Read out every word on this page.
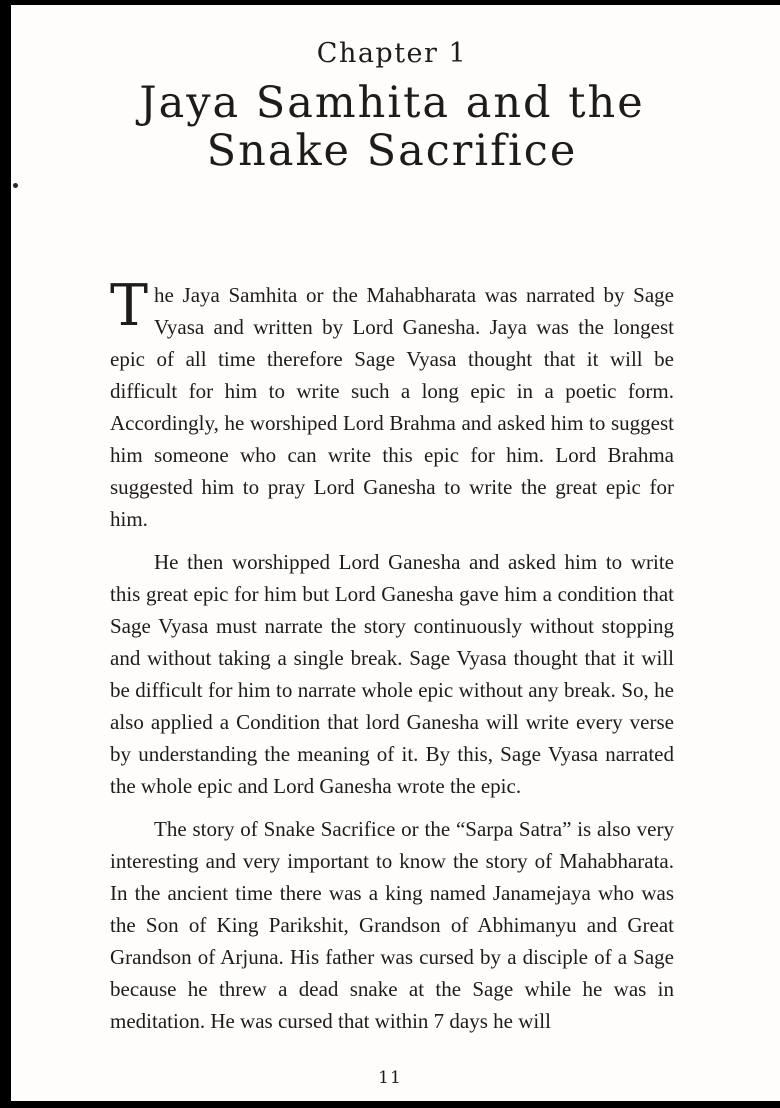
Chapter 1
Jaya Samhita and the
Snake Sacrifice

The Jaya Samhita or the Mahabharata was narrated by Sage Vyasa and written by Lord Ganesha. Jaya was the longest epic of all time therefore Sage Vyasa thought that it will be difficult for him to write such a long epic in a poetic form. Accordingly, he worshiped Lord Brahma and asked him to suggest him someone who can write this epic for him. Lord Brahma suggested him to pray Lord Ganesha to write the great epic for him.

He then worshipped Lord Ganesha and asked him to write this great epic for him but Lord Ganesha gave him a condition that Sage Vyasa must narrate the story continuously without stopping and without taking a single break. Sage Vyasa thought that it will be difficult for him to narrate whole epic without any break. So, he also applied a Condition that lord Ganesha will write every verse by understanding the meaning of it. By this, Sage Vyasa narrated the whole epic and Lord Ganesha wrote the epic.

The story of Snake Sacrifice or the “Sarpa Satra” is also very interesting and very important to know the story of Mahabharata. In the ancient time there was a king named Janamejaya who was the Son of King Parikshit, Grandson of Abhimanyu and Great Grandson of Arjuna. His father was cursed by a disciple of a Sage because he threw a dead snake at the Sage while he was in meditation. He was cursed that within 7 days he will

11
